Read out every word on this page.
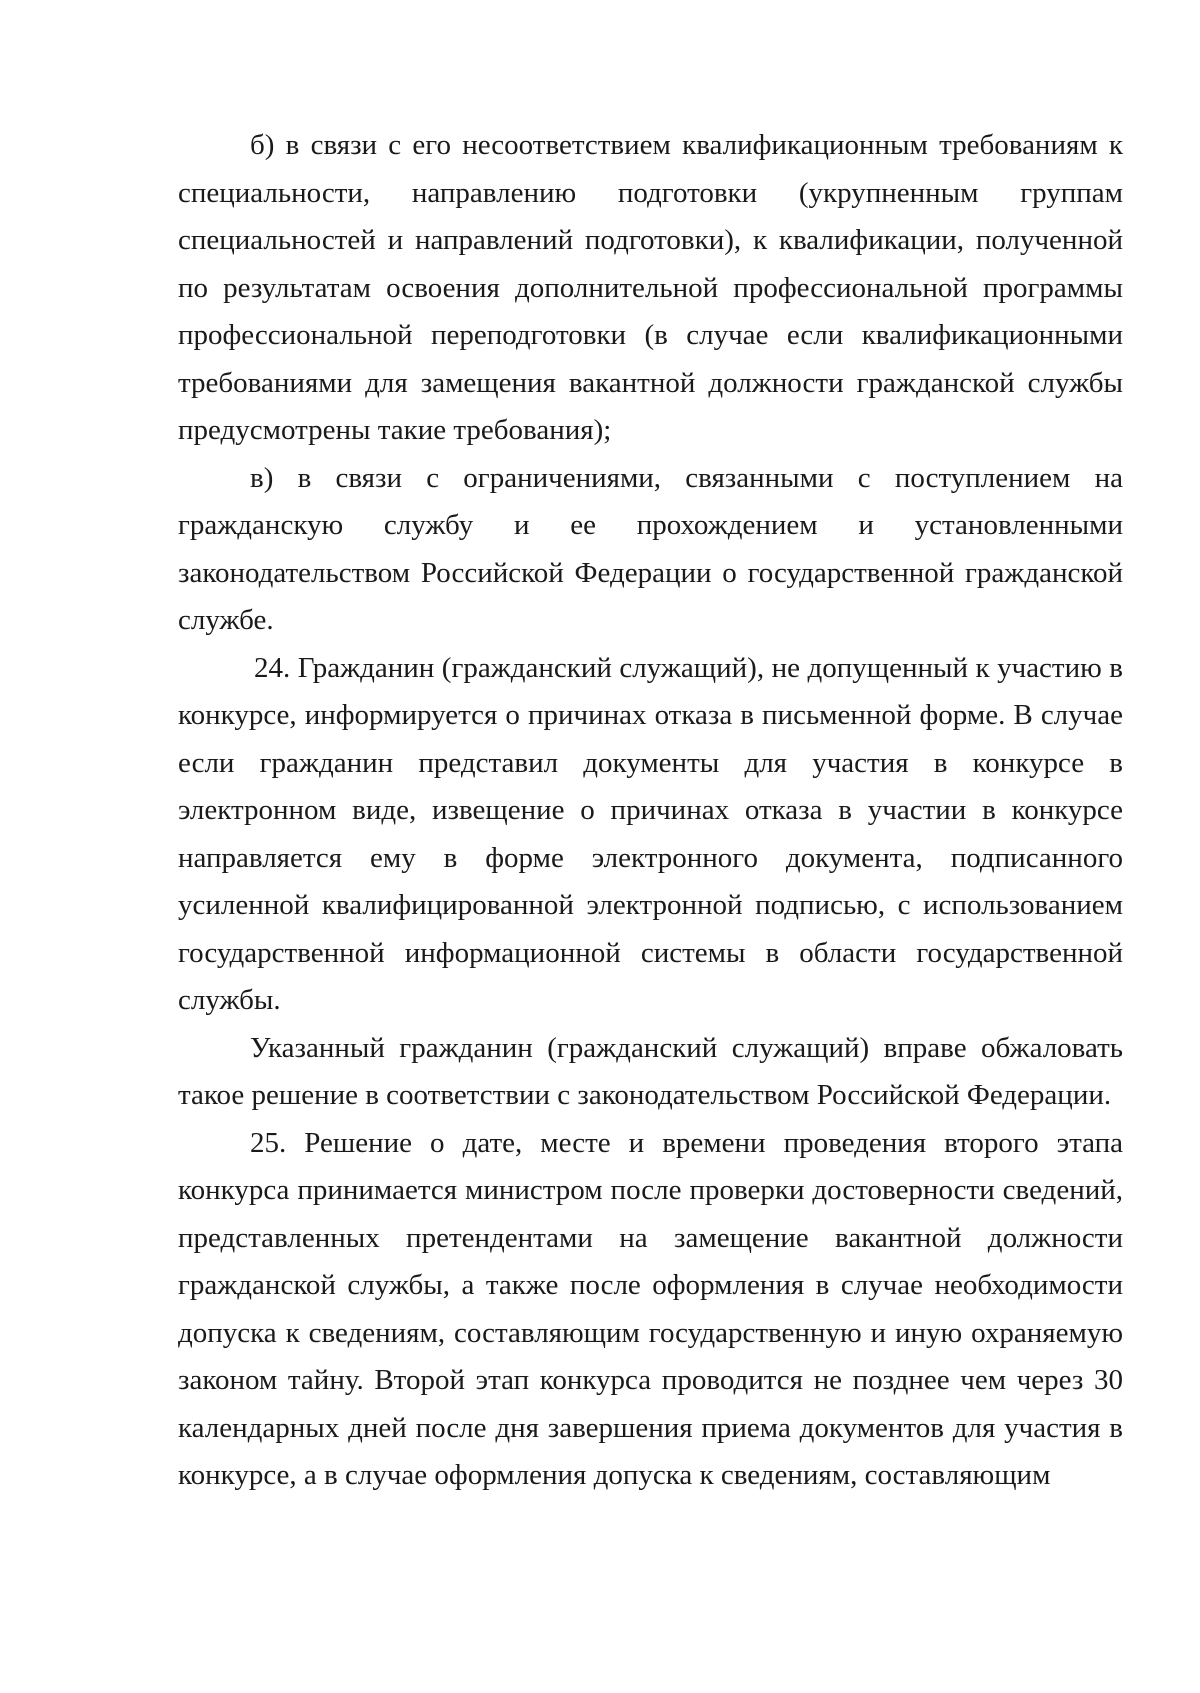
б) в связи с его несоответствием квалификационным требованиям к специальности, направлению подготовки (укрупненным группам специальностей и направлений подготовки), к квалификации, полученной по результатам освоения дополнительной профессиональной программы профессиональной переподготовки (в случае если квалификационными требованиями для замещения вакантной должности гражданской службы предусмотрены такие требования);

в) в связи с ограничениями, связанными с поступлением на гражданскую службу и ее прохождением и установленными законодательством Российской Федерации о государственной гражданской службе.

24. Гражданин (гражданский служащий), не допущенный к участию в конкурсе, информируется о причинах отказа в письменной форме. В случае если гражданин представил документы для участия в конкурсе в электронном виде, извещение о причинах отказа в участии в конкурсе направляется ему в форме электронного документа, подписанного усиленной квалифицированной электронной подписью, с использованием государственной информационной системы в области государственной службы.

Указанный гражданин (гражданский служащий) вправе обжаловать такое решение в соответствии с законодательством Российской Федерации.

25. Решение о дате, месте и времени проведения второго этапа конкурса принимается министром после проверки достоверности сведений, представленных претендентами на замещение вакантной должности гражданской службы, а также после оформления в случае необходимости допуска к сведениям, составляющим государственную и иную охраняемую законом тайну. Второй этап конкурса проводится не позднее чем через 30 календарных дней после дня завершения приема документов для участия в конкурсе, а в случае оформления допуска к сведениям, составляющим
